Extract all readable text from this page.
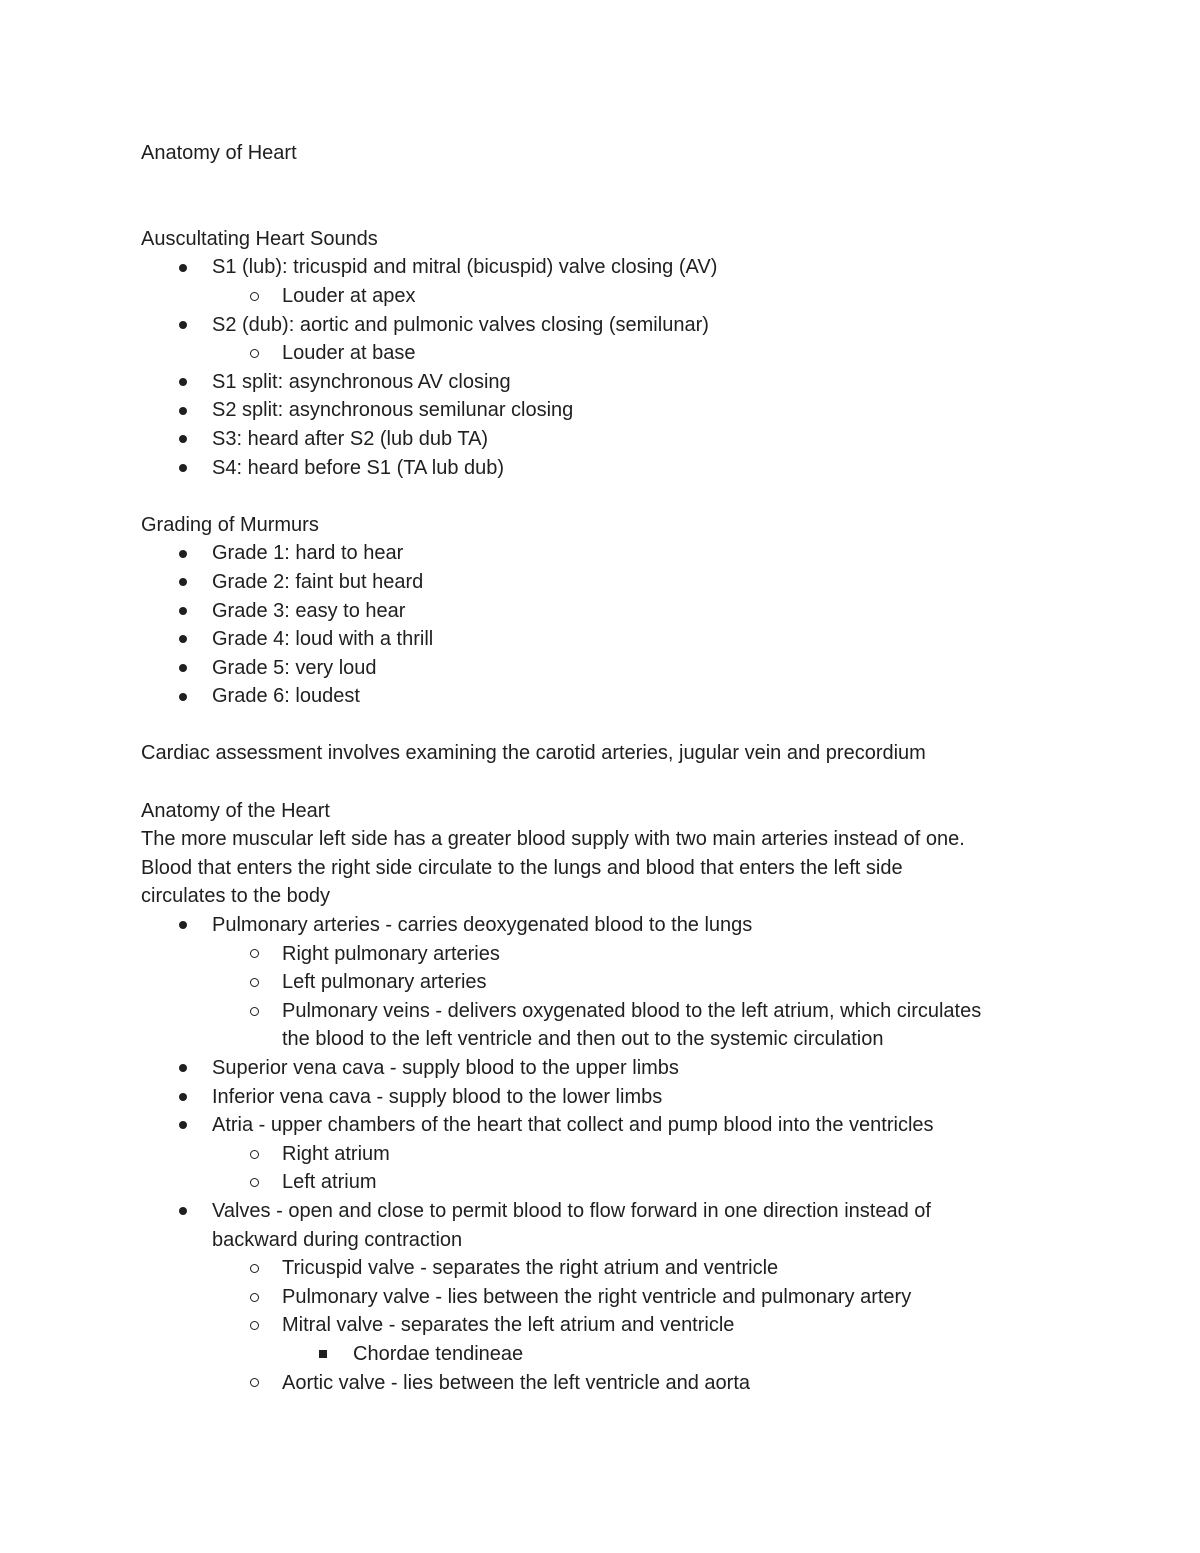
Anatomy of Heart
Auscultating Heart Sounds
S1 (lub): tricuspid and mitral (bicuspid) valve closing (AV)
Louder at apex
S2 (dub): aortic and pulmonic valves closing (semilunar)
Louder at base
S1 split: asynchronous AV closing
S2 split: asynchronous semilunar closing
S3: heard after S2 (lub dub TA)
S4: heard before S1 (TA lub dub)
Grading of Murmurs
Grade 1: hard to hear
Grade 2: faint but heard
Grade 3: easy to hear
Grade 4: loud with a thrill
Grade 5: very loud
Grade 6: loudest
Cardiac assessment involves examining the carotid arteries, jugular vein and precordium
Anatomy of the Heart
The more muscular left side has a greater blood supply with two main arteries instead of one.
Blood that enters the right side circulate to the lungs and blood that enters the left side
circulates to the body
Pulmonary arteries - carries deoxygenated blood to the lungs
Right pulmonary arteries
Left pulmonary arteries
Pulmonary veins - delivers oxygenated blood to the left atrium, which circulates
the blood to the left ventricle and then out to the systemic circulation
Superior vena cava - supply blood to the upper limbs
Inferior vena cava - supply blood to the lower limbs
Atria - upper chambers of the heart that collect and pump blood into the ventricles
Right atrium
Left atrium
Valves - open and close to permit blood to flow forward in one direction instead of
backward during contraction
Tricuspid valve - separates the right atrium and ventricle
Pulmonary valve - lies between the right ventricle and pulmonary artery
Mitral valve - separates the left atrium and ventricle
Chordae tendineae
Aortic valve - lies between the left ventricle and aorta
